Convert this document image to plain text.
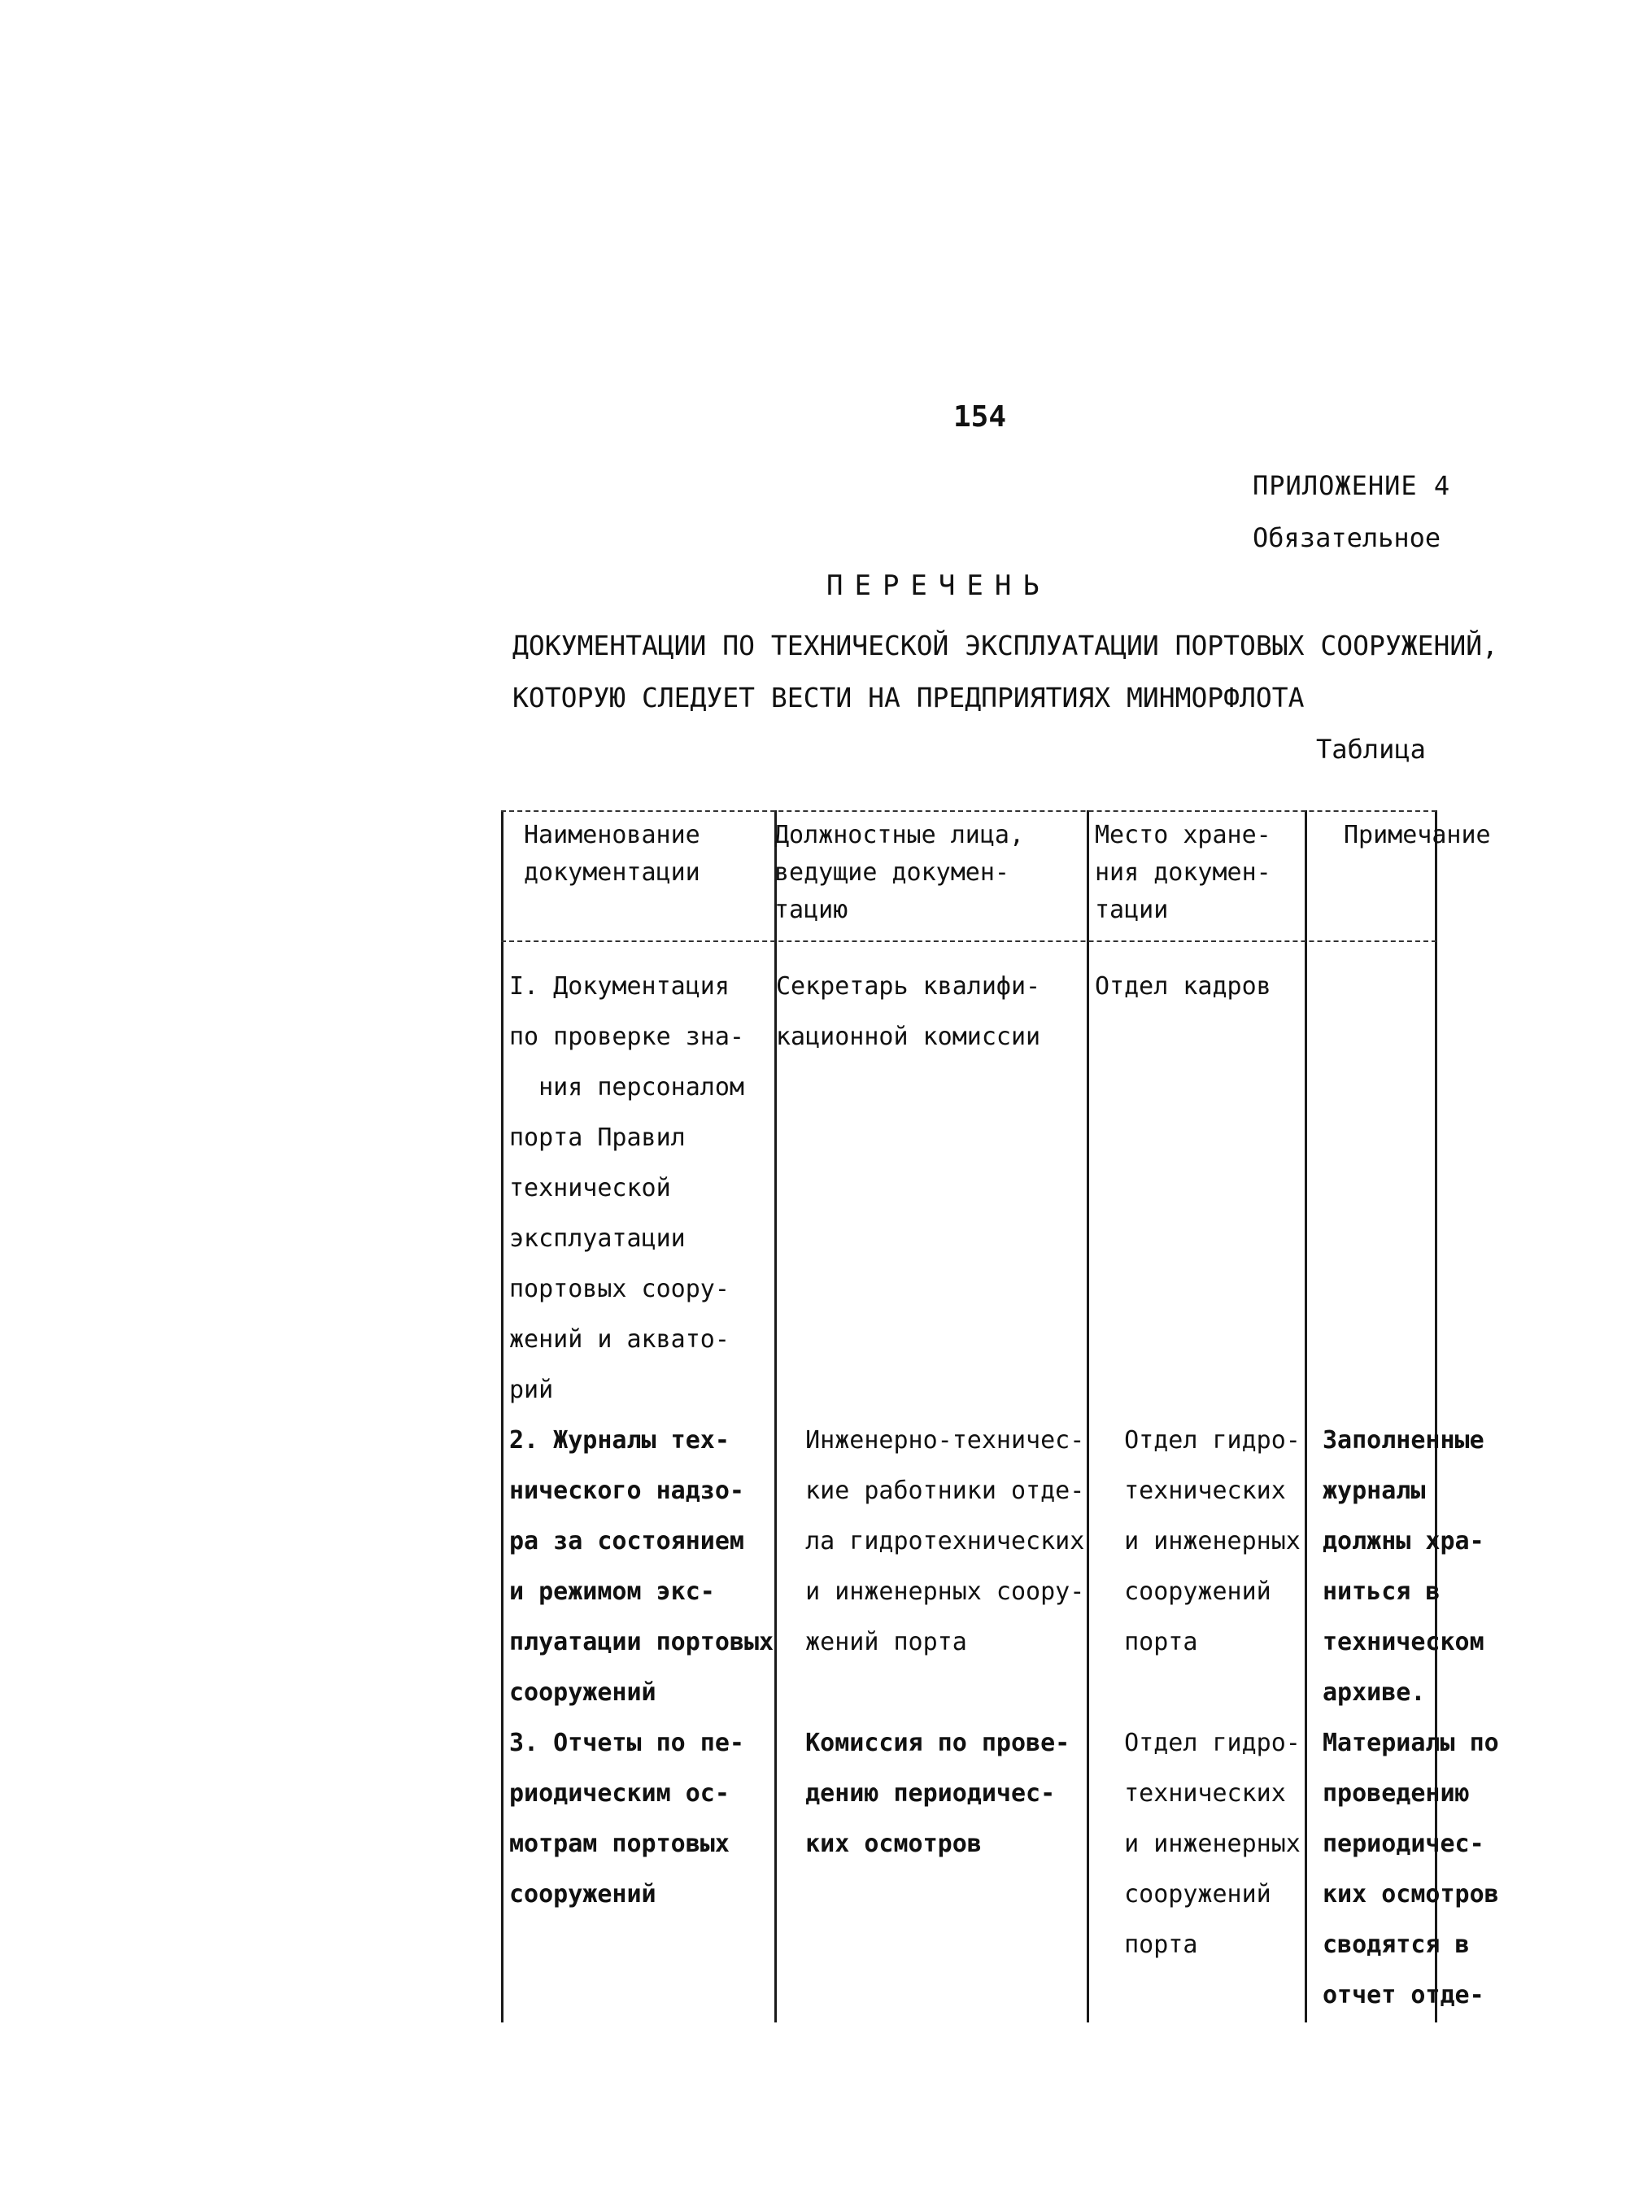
154
ПРИЛОЖЕНИЕ 4
Обязательное
ПЕРЕЧЕНЬ
ДОКУМЕНТАЦИИ ПО ТЕХНИЧЕСКОЙ ЭКСПЛУАТАЦИИ ПОРТОВЫХ СООРУЖЕНИЙ,
КОТОРУЮ СЛЕДУЕТ ВЕСТИ НА ПРЕДПРИЯТИЯХ МИНМОРФЛОТА
Таблица
Наименование
документации
Должностные лица,
ведущие докумен-
тацию
Место хране-
ния докумен-
тации
Примечание
I. Документация
по проверке зна-
ния персоналом
порта Правил
технической
эксплуатации
портовых соору-
жений и аквато-
рий
Секретарь квалифи-
кационной комиссии
Отдел кадров
2. Журналы тех-
нического надзо-
ра за состоянием
и режимом экс-
плуатации портовых
сооружений
Инженерно-техничес-
кие работники отде-
ла гидротехнических
и инженерных соору-
жений порта
Отдел гидро-
технических
и инженерных
сооружений
порта
Заполненные
журналы
должны хра-
ниться в
техническом
архиве.
3. Отчеты по пе-
риодическим ос-
мотрам портовых
сооружений
Комиссия по прове-
дению периодичес-
ких осмотров
Отдел гидро-
технических
и инженерных
сооружений
порта
Материалы по
проведению
периодичес-
ких осмотров
сводятся в
отчет отде-
